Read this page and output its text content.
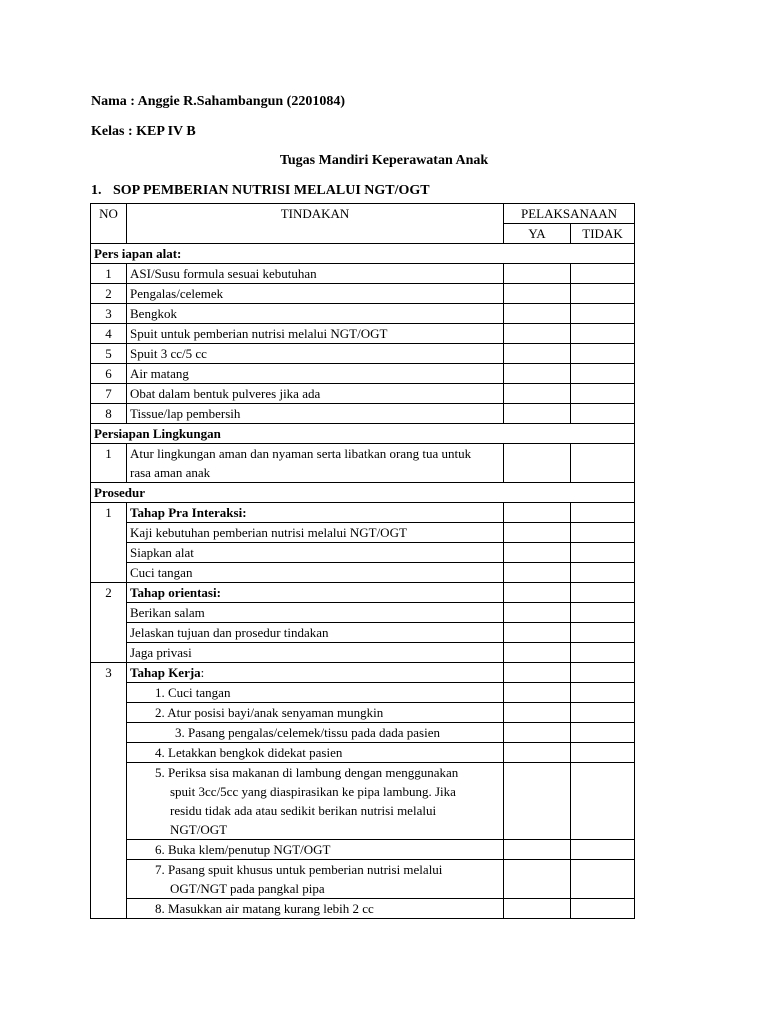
Nama : Anggie R.Sahambangun (2201084)
Kelas : KEP IV B
Tugas Mandiri Keperawatan Anak
1. SOP PEMBERIAN NUTRISI MELALUI NGT/OGT
NO	TINDAKAN	PELAKSANAAN	
		YA	TIDAK
Pers iapan alat:			
1	ASI/Susu formula sesuai kebutuhan		
2	Pengalas/celemek		
3	Bengkok		
4	Spuit untuk pemberian nutrisi melalui NGT/OGT		
5	Spuit 3 cc/5 cc		
6	Air matang		
7	Obat dalam bentuk pulveres jika ada		
8	Tissue/lap pembersih		
Persiapan Lingkungan			
1	Atur lingkungan aman dan nyaman serta libatkan orang tua untuk
rasa aman anak		

Prosedur			
1	Tahap Pra Interaksi:		
	Kaji kebutuhan pemberian nutrisi melalui NGT/OGT		
	Siapkan alat		
	Cuci tangan		
2	Tahap orientasi:		
	Berikan salam		
	Jelaskan tujuan dan prosedur tindakan		
	Jaga privasi		
3	Tahap Kerja:		
	1. Cuci tangan		
	2. Atur posisi bayi/anak senyaman mungkin		
	3. Pasang pengalas/celemek/tissu pada dada pasien		
	4. Letakkan bengkok didekat pasien		

	5. Periksa sisa makanan di lambung dengan menggunakan
spuit 3cc/5cc yang diaspirasikan ke pipa lambung. Jika
residu tidak ada atau sedikit berikan nutrisi melalui
NGT/OGT		

	6. Buka klem/penutup NGT/OGT		

	7. Pasang spuit khusus untuk pemberian nutrisi melalui
OGT/NGT pada pangkal pipa		

	8. Masukkan air matang kurang lebih 2 cc		
